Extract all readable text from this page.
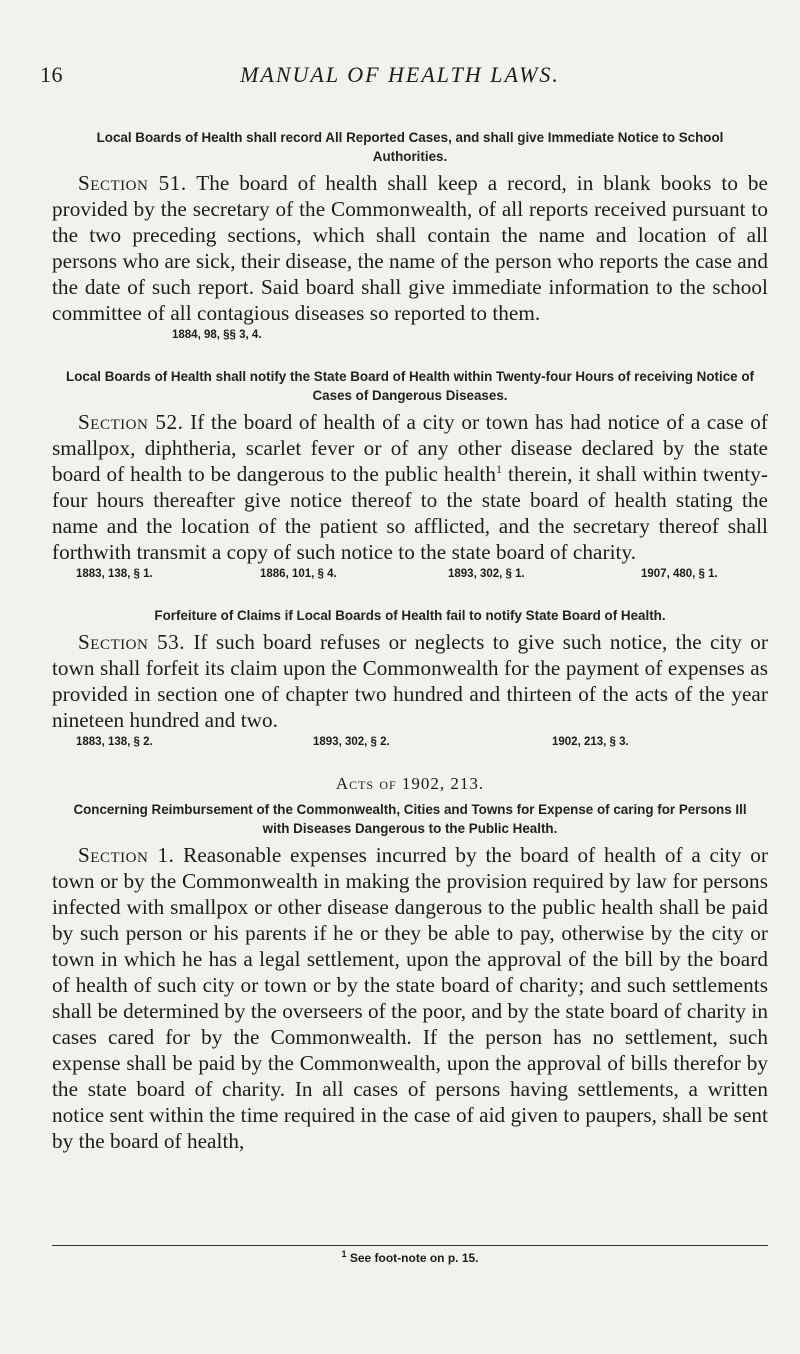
16	MANUAL OF HEALTH LAWS.
Local Boards of Health shall record All Reported Cases, and shall give Immediate Notice to School Authorities.

Section 51. The board of health shall keep a record, in blank books to be provided by the secretary of the Commonwealth, of all reports received pursuant to the two preceding sections, which shall contain the name and location of all persons who are sick, their disease, the name of the person who reports the case and the date of such report. Said board shall give immediate information to the school committee of all contagious diseases so reported to them.

1884, 98, §§ 3, 4.
Local Boards of Health shall notify the State Board of Health within Twenty-four Hours of receiving Notice of Cases of Dangerous Diseases.

Section 52. If the board of health of a city or town has had notice of a case of smallpox, diphtheria, scarlet fever or of any other disease declared by the state board of health to be dangerous to the public health$^1$ therein, it shall within twenty-four hours thereafter give notice thereof to the state board of health stating the name and the location of the patient so afflicted, and the secretary thereof shall forthwith transmit a copy of such notice to the state board of charity.

1883, 138, § 1.	1886, 101, § 4.	1893, 302, § 1.	1907, 480, § 1.
Forfeiture of Claims if Local Boards of Health fail to notify State Board of Health.

Section 53. If such board refuses or neglects to give such notice, the city or town shall forfeit its claim upon the Commonwealth for the payment of expenses as provided in section one of chapter two hundred and thirteen of the acts of the year nineteen hundred and two.

1883, 138, § 2.	1893, 302, § 2.	1902, 213, § 3.
Acts of 1902, 213.
Concerning Reimbursement of the Commonwealth, Cities and Towns for Expense of caring for Persons Ill with Diseases Dangerous to the Public Health.

Section 1. Reasonable expenses incurred by the board of health of a city or town or by the Commonwealth in making the provision required by law for persons infected with smallpox or other disease dangerous to the public health shall be paid by such person or his parents if he or they be able to pay, otherwise by the city or town in which he has a legal settlement, upon the approval of the bill by the board of health of such city or town or by the state board of charity; and such settlements shall be determined by the overseers of the poor, and by the state board of charity in cases cared for by the Commonwealth. If the person has no settlement, such expense shall be paid by the Commonwealth, upon the approval of bills therefor by the state board of charity. In all cases of persons having settlements, a written notice sent within the time required in the case of aid given to paupers, shall be sent by the board of health,

$^1$ See foot-note on p. 15.
